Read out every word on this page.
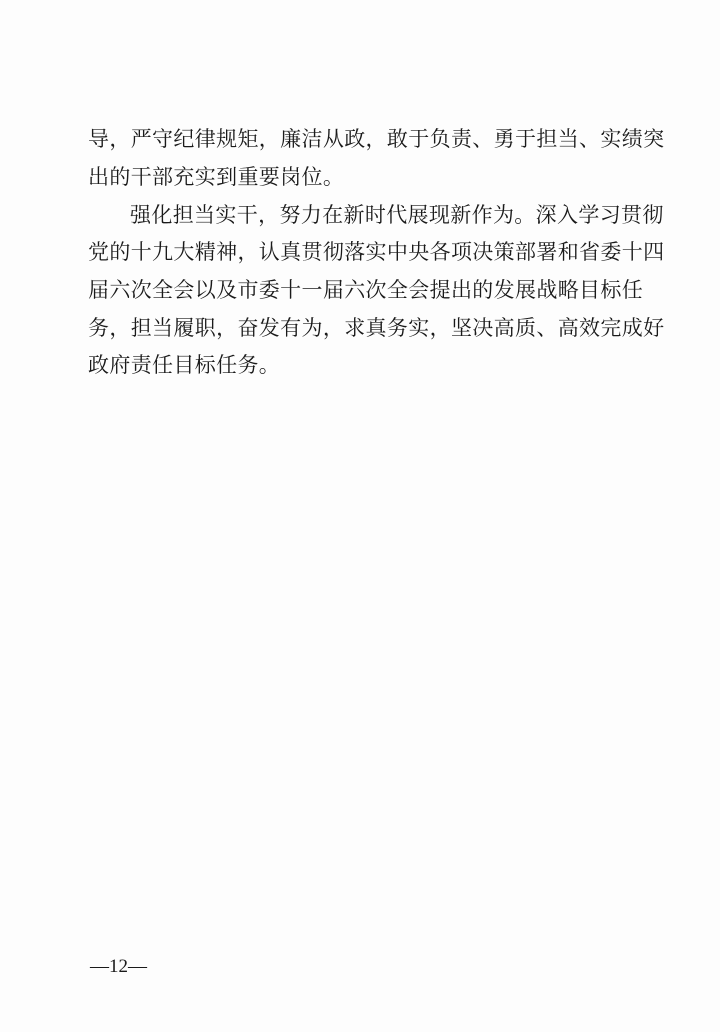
导，严守纪律规矩，廉洁从政，敢于负责、勇于担当、实绩突
出的干部充实到重要岗位。
强化担当实干，努力在新时代展现新作为。深入学习贯彻
党的十九大精神，认真贯彻落实中央各项决策部署和省委十四
届六次全会以及市委十一届六次全会提出的发展战略目标任
务，担当履职，奋发有为，求真务实，坚决高质、高效完成好
政府责任目标任务。
—12—
